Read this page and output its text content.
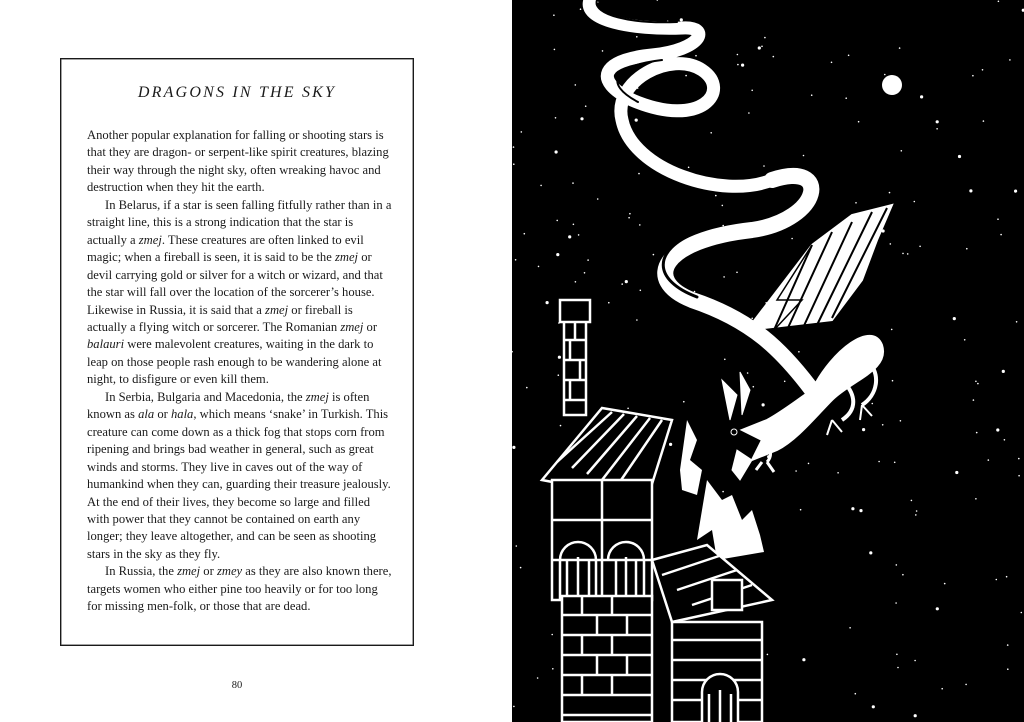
DRAGONS IN THE SKY

Another popular explanation for falling or shooting stars is that they are dragon- or serpent-like spirit creatures, blazing their way through the night sky, often wreaking havoc and destruction when they hit the earth.

In Belarus, if a star is seen falling fitfully rather than in a straight line, this is a strong indication that the star is actually a zmej. These creatures are often linked to evil magic; when a fireball is seen, it is said to be the zmej or devil carrying gold or silver for a witch or wizard, and that the star will fall over the location of the sorcerer’s house. Likewise in Russia, it is said that a zmej or fireball is actually a flying witch or sorcerer. The Romanian zmej or balauri were malevolent creatures, waiting in the dark to leap on those people rash enough to be wandering alone at night, to disfigure or even kill them.

In Serbia, Bulgaria and Macedonia, the zmej is often known as ala or hala, which means ‘snake’ in Turkish. This creature can come down as a thick fog that stops corn from ripening and brings bad weather in general, such as great winds and storms. They live in caves out of the way of humankind when they can, guarding their treasure jealously. At the end of their lives, they become so large and filled with power that they cannot be contained on earth any longer; they leave altogether, and can be seen as shooting stars in the sky as they fly.

In Russia, the zmej or zmey as they are also known there, targets women who either pine too heavily or for too long for missing men-folk, or those that are dead.

80
